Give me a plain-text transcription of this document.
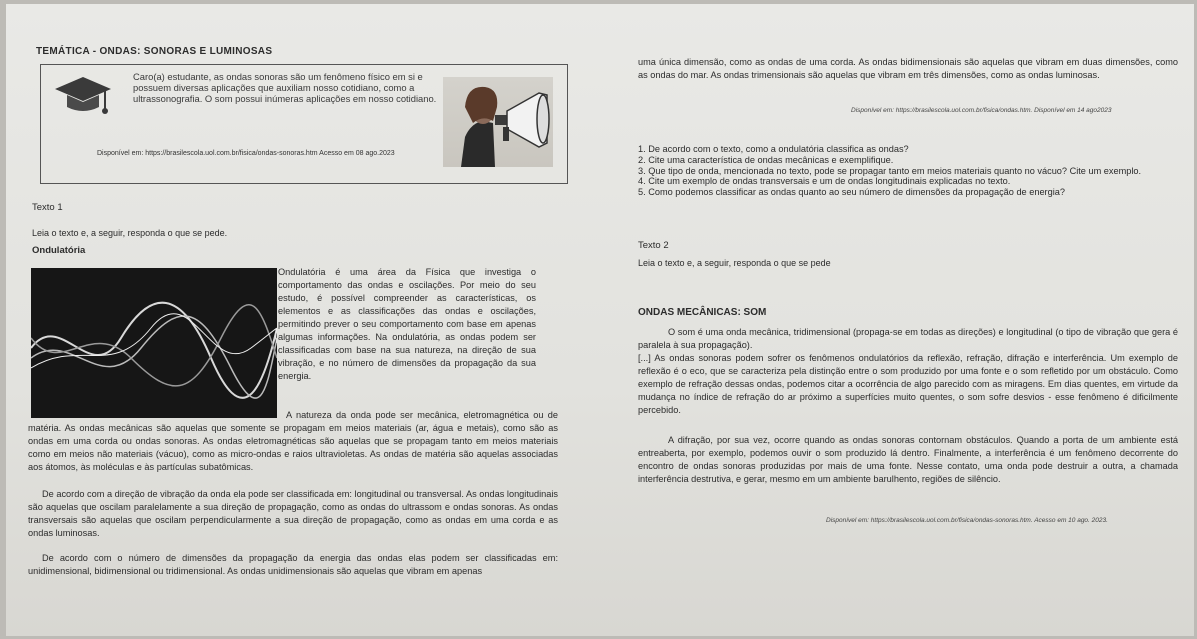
TEMÁTICA - ONDAS: SONORAS E LUMINOSAS
Caro(a) estudante, as ondas sonoras são um fenômeno físico em si e possuem diversas aplicações que auxiliam nosso cotidiano, como a ultrassonografia. O som possui inúmeras aplicações em nosso cotidiano.
Disponível em: https://brasilescola.uol.com.br/fisica/ondas-sonoras.htm Acesso em 08 ago.2023
Texto 1
Leia o texto e, a seguir, responda o que se pede.
Ondulatória
Ondulatória é uma área da Física que investiga o comportamento das ondas e oscilações. Por meio do seu estudo, é possível compreender as características, os elementos e as classificações das ondas e oscilações, permitindo prever o seu comportamento com base em apenas algumas informações. Na ondulatória, as ondas podem ser classificadas com base na sua natureza, na direção de sua vibração, e no número de dimensões da propagação da sua energia.
A natureza da onda pode ser mecânica, eletromagnética ou de matéria. As ondas mecânicas são aquelas que somente se propagam em meios materiais (ar, água e metais), como são as ondas em uma corda ou ondas sonoras. As ondas eletromagnéticas são aquelas que se propagam tanto em meios materiais como em meios não materiais (vácuo), como as micro-ondas e raios ultravioletas. As ondas de matéria são aquelas associadas aos átomos, às moléculas e às partículas subatômicas.
De acordo com a direção de vibração da onda ela pode ser classificada em: longitudinal ou transversal. As ondas longitudinais são aquelas que oscilam paralelamente a sua direção de propagação, como as ondas do ultrassom e ondas sonoras. As ondas transversais são aquelas que oscilam perpendicularmente a sua direção de propagação, como as ondas em uma corda e as ondas luminosas.
De acordo com o número de dimensões da propagação da energia das ondas elas podem ser classificadas em: unidimensional, bidimensional ou tridimensional. As ondas unidimensionais são aquelas que vibram em apenas
uma única dimensão, como as ondas de uma corda. As ondas bidimensionais são aquelas que vibram em duas dimensões, como as ondas do mar. As ondas trimensionais são aquelas que vibram em três dimensões, como as ondas luminosas.
Disponível em: https://brasilescola.uol.com.br/fisica/ondas.htm. Disponível em 14 ago2023
1. De acordo com o texto, como a ondulatória classifica as ondas?
2. Cite uma característica de ondas mecânicas e exemplifique.
3. Que tipo de onda, mencionada no texto, pode se propagar tanto em meios materiais quanto no vácuo? Cite um exemplo.
4. Cite um exemplo de ondas transversais e um de ondas longitudinais explicadas no texto.
5. Como podemos classificar as ondas quanto ao seu número de dimensões da propagação de energia?
Texto 2
Leia o texto e, a seguir, responda o que se pede
ONDAS MECÂNICAS: SOM
O som é uma onda mecânica, tridimensional (propaga-se em todas as direções) e longitudinal (o tipo de vibração que gera é paralela à sua propagação).
[...] As ondas sonoras podem sofrer os fenômenos ondulatórios da reflexão, refração, difração e interferência. Um exemplo de reflexão é o eco, que se caracteriza pela distinção entre o som produzido por uma fonte e o som refletido por um obstáculo. Como exemplo de refração dessas ondas, podemos citar a ocorrência de algo parecido com as miragens. Em dias quentes, em virtude da mudança no índice de refração do ar próximo a superfícies muito quentes, o som sofre desvios - esse fenômeno é dificilmente percebido.
A difração, por sua vez, ocorre quando as ondas sonoras contornam obstáculos. Quando a porta de um ambiente está entreaberta, por exemplo, podemos ouvir o som produzido lá dentro. Finalmente, a interferência é um fenômeno decorrente do encontro de ondas sonoras produzidas por mais de uma fonte. Nesse contato, uma onda pode destruir a outra, a chamada interferência destrutiva, e gerar, mesmo em um ambiente barulhento, regiões de silêncio.
Disponível em: https://brasilescola.uol.com.br/fisica/ondas-sonoras.htm. Acesso em 10 ago. 2023.
